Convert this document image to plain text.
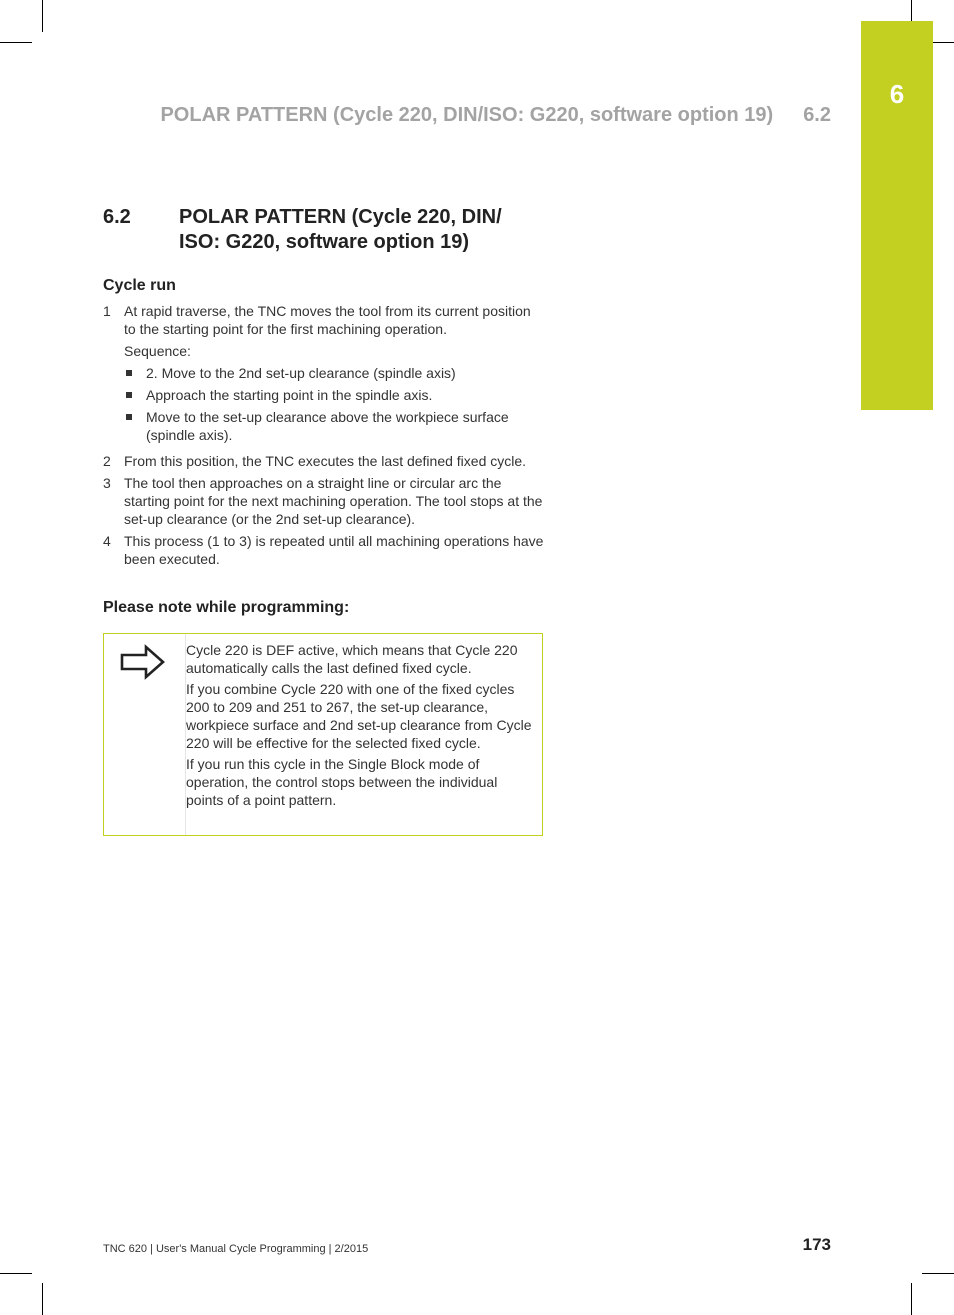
6
POLAR PATTERN (Cycle 220, DIN/ISO: G220, software option 19) 6.2
6.2	POLAR PATTERN (Cycle 220, DIN/ ISO: G220, software option 19)
Cycle run
1 At rapid traverse, the TNC moves the tool from its current position to the starting point for the first machining operation.

Sequence:

2. Move to the 2nd set-up clearance (spindle axis)
Approach the starting point in the spindle axis.
Move to the set-up clearance above the workpiece surface (spindle axis).
2 From this position, the TNC executes the last defined fixed cycle.
3 The tool then approaches on a straight line or circular arc the starting point for the next machining operation. The tool stops at the set-up clearance (or the 2nd set-up clearance).
4 This process (1 to 3) is repeated until all machining operations have been executed.
Please note while programming:

Cycle 220 is DEF active, which means that Cycle 220 automatically calls the last defined fixed cycle.

If you combine Cycle 220 with one of the fixed cycles 200 to 209 and 251 to 267, the set-up clearance, workpiece surface and 2nd set-up clearance from Cycle 220 will be effective for the selected fixed cycle.

If you run this cycle in the Single Block mode of operation, the control stops between the individual points of a point pattern.

TNC 620 | User's Manual Cycle Programming | 2/2015	173
